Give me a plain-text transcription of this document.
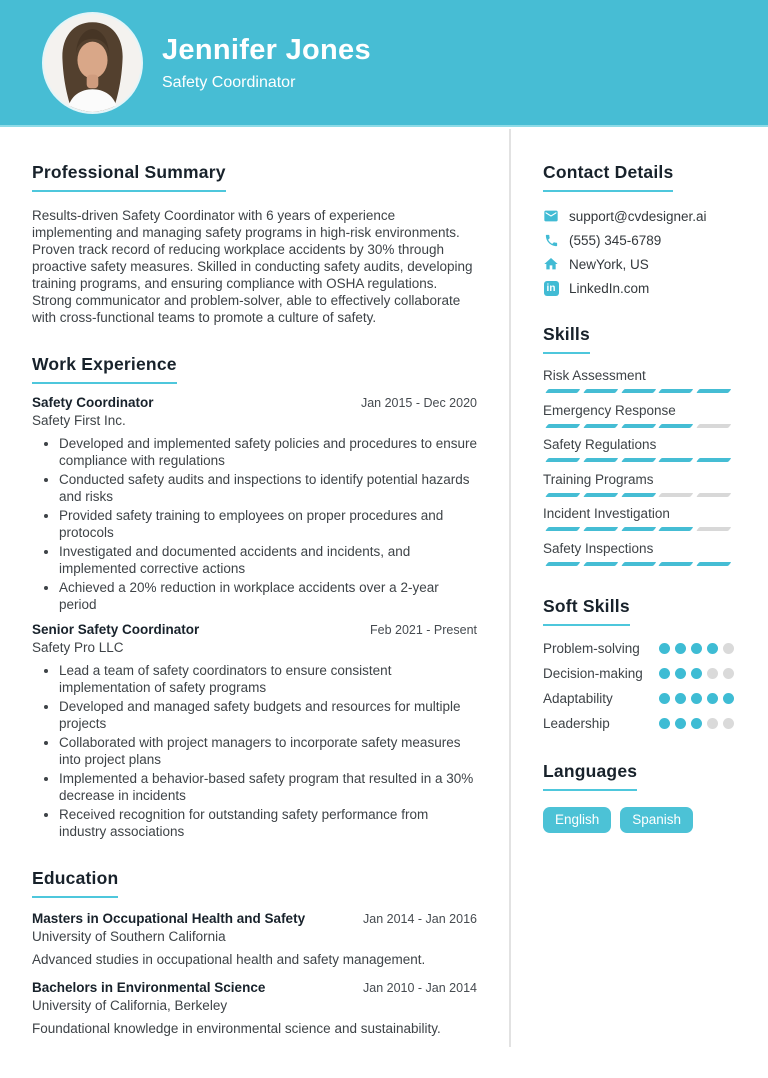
Jennifer Jones
Safety Coordinator
Professional Summary

Results-driven Safety Coordinator with 6 years of experience implementing and managing safety programs in high-risk environments. Proven track record of reducing workplace accidents by 30% through proactive safety measures. Skilled in conducting safety audits, developing training programs, and ensuring compliance with OSHA regulations. Strong communicator and problem-solver, able to effectively collaborate with cross-functional teams to promote a culture of safety.

Work Experience
Safety Coordinator	Jan 2015 - Dec 2020
Safety First Inc.
• Developed and implemented safety policies and procedures to ensure compliance with regulations
• Conducted safety audits and inspections to identify potential hazards and risks
• Provided safety training to employees on proper procedures and protocols
• Investigated and documented accidents and incidents, and implemented corrective actions
• Achieved a 20% reduction in workplace accidents over a 2-year period
Senior Safety Coordinator	Feb 2021 - Present
Safety Pro LLC
• Lead a team of safety coordinators to ensure consistent implementation of safety programs
• Developed and managed safety budgets and resources for multiple projects
• Collaborated with project managers to incorporate safety measures into project plans
• Implemented a behavior-based safety program that resulted in a 30% decrease in incidents
• Received recognition for outstanding safety performance from industry associations
Education
Masters in Occupational Health and Safety	Jan 2014 - Jan 2016
University of Southern California
Advanced studies in occupational health and safety management.
Bachelors in Environmental Science	Jan 2010 - Jan 2014
University of California, Berkeley
Foundational knowledge in environmental science and sustainability.
Contact Details
support@cvdesigner.ai
(555) 345-6789
NewYork, US
in LinkedIn.com
Skills
Risk Assessment
Emergency Response
Safety Regulations
Training Programs
Incident Investigation
Safety Inspections
Soft Skills
Problem-solving
Decision-making
Adaptability
Leadership
Languages
English	Spanish
